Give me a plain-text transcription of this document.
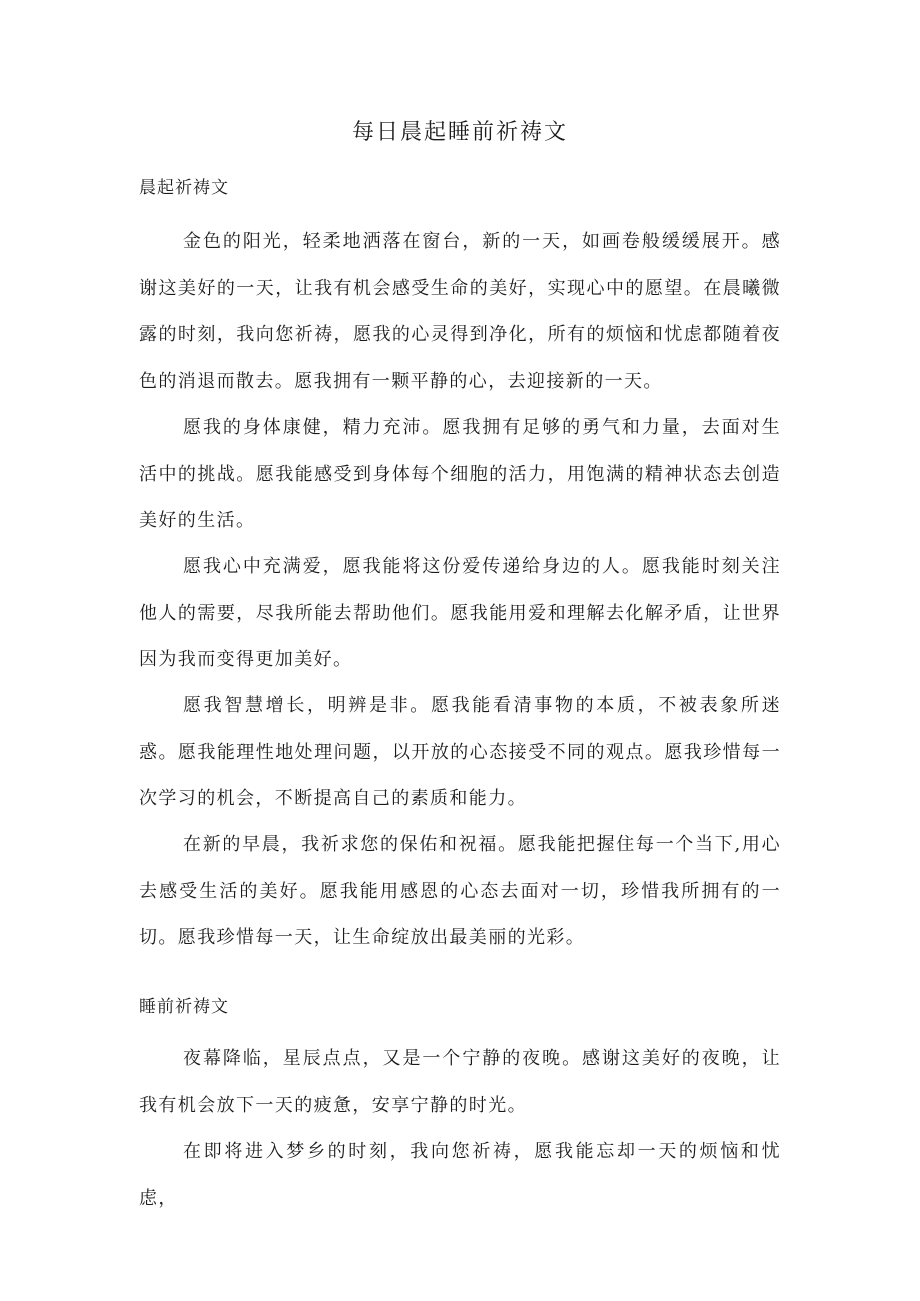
每日晨起睡前祈祷文
晨起祈祷文

金色的阳光，轻柔地洒落在窗台，新的一天，如画卷般缓缓展开。感谢这美好的一天，让我有机会感受生命的美好，实现心中的愿望。在晨曦微露的时刻，我向您祈祷，愿我的心灵得到净化，所有的烦恼和忧虑都随着夜色的消退而散去。愿我拥有一颗平静的心，去迎接新的一天。

愿我的身体康健，精力充沛。愿我拥有足够的勇气和力量，去面对生活中的挑战。愿我能感受到身体每个细胞的活力，用饱满的精神状态去创造美好的生活。

愿我心中充满爱，愿我能将这份爱传递给身边的人。愿我能时刻关注他人的需要，尽我所能去帮助他们。愿我能用爱和理解去化解矛盾，让世界因为我而变得更加美好。

愿我智慧增长，明辨是非。愿我能看清事物的本质，不被表象所迷惑。愿我能理性地处理问题，以开放的心态接受不同的观点。愿我珍惜每一次学习的机会，不断提高自己的素质和能力。

在新的早晨，我祈求您的保佑和祝福。愿我能把握住每一个当下,用心去感受生活的美好。愿我能用感恩的心态去面对一切，珍惜我所拥有的一切。愿我珍惜每一天，让生命绽放出最美丽的光彩。

睡前祈祷文

夜幕降临，星辰点点，又是一个宁静的夜晚。感谢这美好的夜晚，让我有机会放下一天的疲惫，安享宁静的时光。

在即将进入梦乡的时刻，我向您祈祷，愿我能忘却一天的烦恼和忧虑，
